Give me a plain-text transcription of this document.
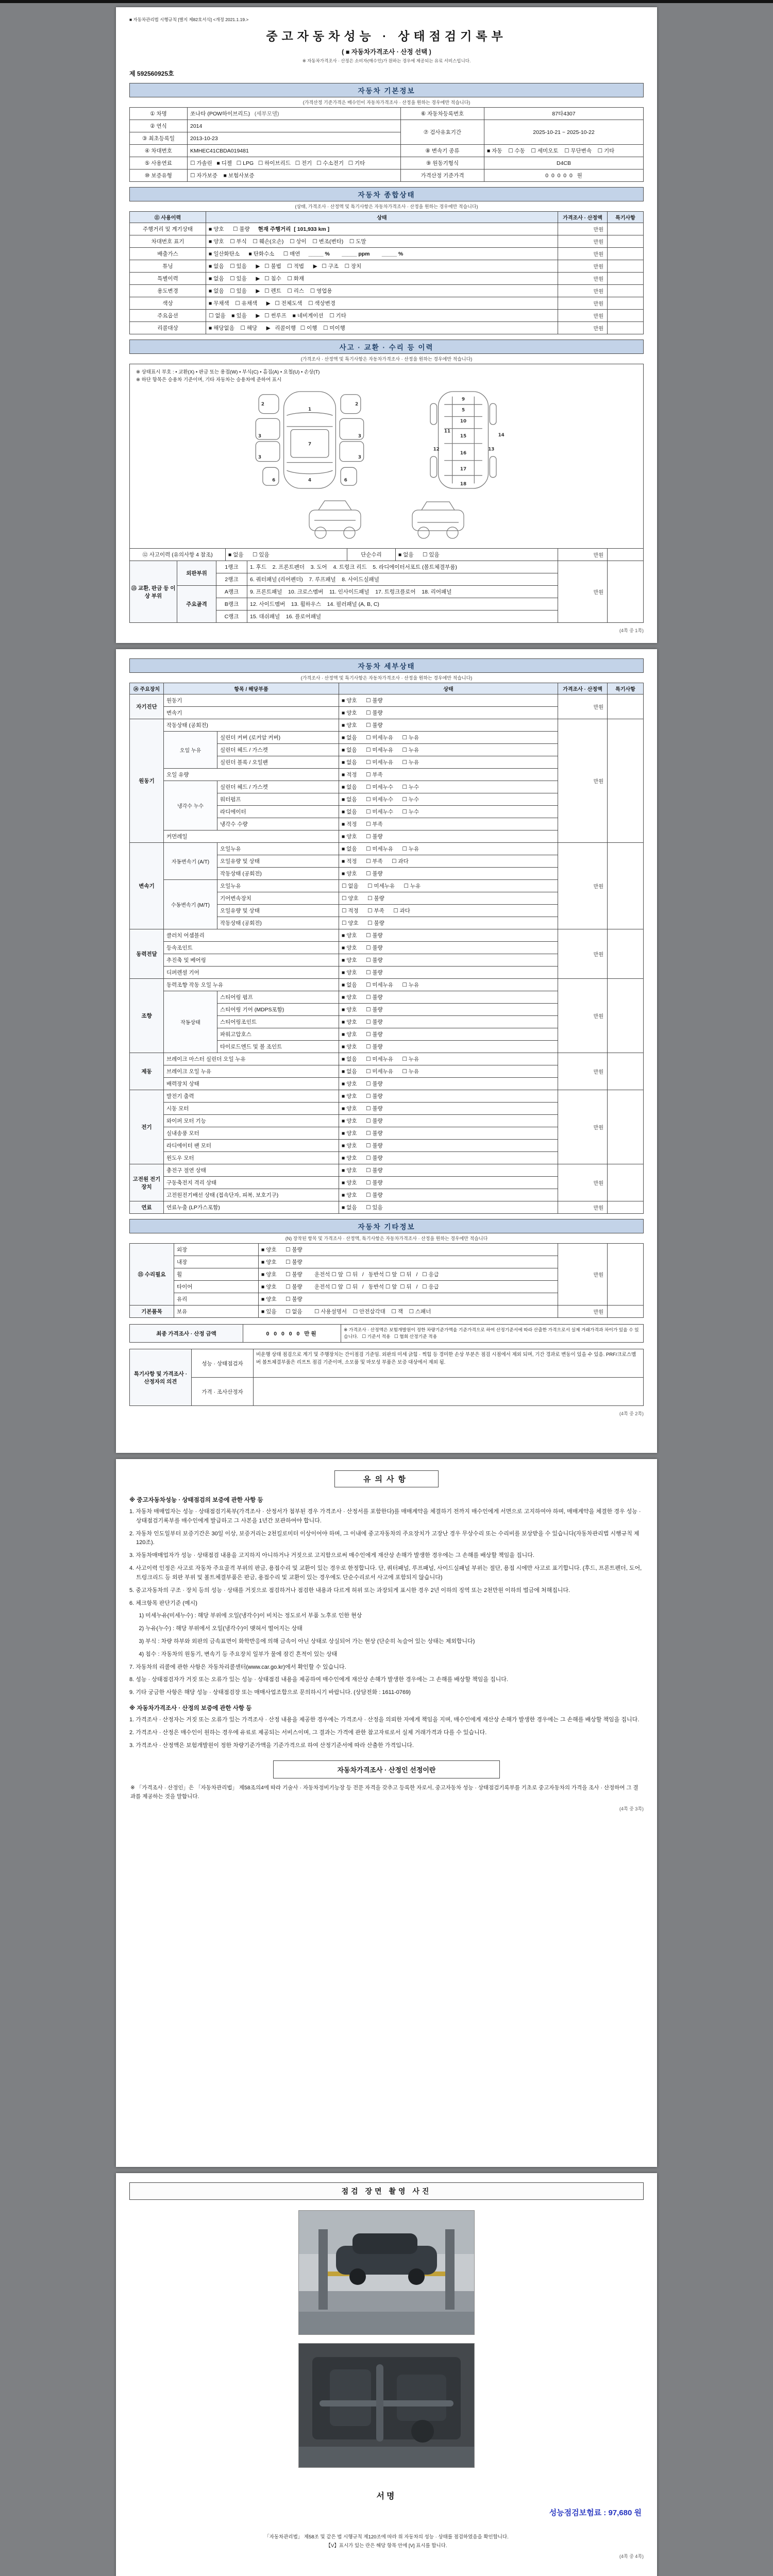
■ 자동차관리법 시행규칙 [별지 제82호서식] <개정 2021.1.19.>
중고자동차성능 · 상태점검기록부
( ■ 자동차가격조사 · 산정 선택 )
※ 자동차가격조사 · 산정은 소비자(매수인)가 원하는 경우에 제공되는 유료 서비스입니다.
제 592560925호
자동차 기본정보
(가격산정 기준가격은 매수인이 자동차가격조사 · 산정을 원하는 경우에만 적습니다)
① 차명	쏘나타 (POW하이브리드) (세부모델)	⑥ 자동차등록번호	87타4307
② 연식	2014	⑦ 검사유효기간	2025-10-21 ~ 2025-10-22
③ 최초등록일	2013-10-23		
④ 차대번호	KMHEC41CBDA019481	⑧ 변속기 종류	■ 자동    ☐ 수동    ☐ 세미오토    ☐ 무단변속    ☐ 기타
⑤ 사용연료	☐ 가솔린   ■ 디젤   ☐ LPG   ☐ 하이브리드   ☐ 전기   ☐ 수소전기   ☐ 기타	⑨ 원동기형식	D4CB
⑩ 보증유형	☐ 자가보증    ■ 보험사보증	가격산정 기준가격	0  0  0  0  0   원
자동차 종합상태
(상태, 가격조사 · 산정액 및 특기사항은 자동차가격조사 · 산정을 원하는 경우에만 적습니다)
⑪ 사용이력	상태	가격조사 · 산정액	특기사항
주행거리 및 계기상태	■ 양호      ☐ 불량 현재 주행거리  [ 101,933 km ]	만원	
차대번호 표기	■ 양호    ☐ 부식    ☐ 훼손(오손)    ☐ 상이    ☐ 변조(변타)    ☐ 도말	만원	
배출가스	■ 일산화탄소      ■ 탄화수소      ☐ 매연 _____ %        _____ ppm        _____ %	만원	
튜닝	■ 없음    ☐ 있음      ▶   ☐ 불법    ☐ 적법      ▶   ☐ 구조    ☐ 장치	만원	
특별이력	■ 없음    ☐ 있음      ▶   ☐ 침수    ☐ 화재	만원	
용도변경	■ 없음    ☐ 있음      ▶   ☐ 렌트    ☐ 리스    ☐ 영업용	만원	
색상	■ 무채색    ☐ 유채색      ▶   ☐ 전체도색    ☐ 색상변경	만원	
주요옵션	☐ 없음    ■ 있음      ▶   ☐ 썬루프    ■ 네비게이션    ☐ 기타	만원	
리콜대상	■ 해당없음    ☐ 해당      ▶   리콜이행   ☐ 이행    ☐ 미이행	만원	
사고 · 교환 · 수리 등 이력
(가격조사 · 산정액 및 특기사항은 자동차가격조사 · 산정을 원하는 경우에만 적습니다)
※ 상태표시 부호 : • 교환(X) • 판금 또는 용접(W) • 부식(C) • 흠집(A) • 요철(U) • 손상(T)
※ 하단 항목은 승용차 기준이며, 기타 자동차는 승용차에 준하여 표시
2
1
2
3
7
3
3	3
6	4	6
9
5
10
11
14
15
12	13
16
17
18
⑫ 사고이력 (유의사항 4 참조)	■ 없음      ☐ 있음	단순수리	■ 없음      ☐ 있음	만원	
⑬ 교환, 판금 등 이상 부위	외판부위	1랭크	1. 후드    2. 프론트펜더    3. 도어    4. 트렁크 리드    5. 라디에이터서포트 (볼트체결부품)	만원	
		2랭크	6. 쿼터패널 (리어펜더)    7. 루프패널    8. 사이드실패널		
	주요골격	A랭크	9. 프론트패널    10. 크로스멤버    11. 인사이드패널    17. 트렁크플로어    18. 리어패널		
		B랭크	12. 사이드멤버    13. 휠하우스    14. 필러패널 (A, B, C)		
		C랭크	15. 대쉬패널    16. 플로어패널		
(4쪽 중 1쪽)
자동차 세부상태
(가격조사 · 산정액 및 특기사항은 자동차가격조사 · 산정을 원하는 경우에만 적습니다)
⑭ 주요장치	항목 / 해당부품		상태	가격조사 · 산정액	특기사항
자기진단	원동기		■ 양호      ☐ 불량	만원	
	변속기		■ 양호      ☐ 불량		
원동기	작동상태 (공회전)		■ 양호      ☐ 불량	만원	
	오일 누유	실린더 커버 (로커암 커버)	■ 없음      ☐ 미세누유      ☐ 누유		
		실린더 헤드 / 가스켓	■ 없음      ☐ 미세누유      ☐ 누유		
		실린더 블록 / 오일팬	■ 없음      ☐ 미세누유      ☐ 누유		
	오일 유량		■ 적정      ☐ 부족		
	냉각수 누수	실린더 헤드 / 가스켓	■ 없음      ☐ 미세누수      ☐ 누수		
		워터펌프	■ 없음      ☐ 미세누수      ☐ 누수		
		라디에이터	■ 없음      ☐ 미세누수      ☐ 누수		
		냉각수 수량	■ 적정      ☐ 부족		
	커먼레일		■ 양호      ☐ 불량		
변속기	자동변속기 (A/T)	오일누유	■ 없음      ☐ 미세누유      ☐ 누유	만원	
		오일유량 및 상태	■ 적정      ☐ 부족      ☐ 과다		
		작동상태 (공회전)	■ 양호      ☐ 불량		
	수동변속기 (M/T)	오일누유	☐ 없음      ☐ 미세누유      ☐ 누유		
		기어변속장치	☐ 양호      ☐ 불량		
		오일유량 및 상태	☐ 적정      ☐ 부족      ☐ 과다		
		작동상태 (공회전)	☐ 양호      ☐ 불량		
동력전달	클러치 어셈블리		■ 양호      ☐ 불량	만원	
	등속조인트		■ 양호      ☐ 불량		
	추진축 및 베어링		■ 양호      ☐ 불량		
	디퍼렌셜 기어		■ 양호      ☐ 불량		
조향	동력조향 작동 오일 누유		■ 없음      ☐ 미세누유      ☐ 누유	만원	
	작동상태	스티어링 펌프	■ 양호      ☐ 불량		
		스티어링 기어 (MDPS포함)	■ 양호      ☐ 불량		
		스티어링조인트	■ 양호      ☐ 불량		
		파워고압호스	■ 양호      ☐ 불량		
		타이로드엔드 및 볼 조인트	■ 양호      ☐ 불량		
제동	브레이크 마스터 실린더 오일 누유		■ 없음      ☐ 미세누유      ☐ 누유	만원	
	브레이크 오일 누유		■ 없음      ☐ 미세누유      ☐ 누유		
	배력장치 상태		■ 양호      ☐ 불량		
전기	발전기 출력		■ 양호      ☐ 불량	만원	
	시동 모터		■ 양호      ☐ 불량		
	와이퍼 모터 기능		■ 양호      ☐ 불량		
	실내송풍 모터		■ 양호      ☐ 불량		
	라디에이터 팬 모터		■ 양호      ☐ 불량		
	윈도우 모터		■ 양호      ☐ 불량		
고전원 전기장치	충전구 절연 상태		■ 양호      ☐ 불량	만원	
	구동축전지 격리 상태		■ 양호      ☐ 불량		
	고전원전기배선 상태 (접속단자, 피복, 보호기구)		■ 양호      ☐ 불량		
연료	연료누출 (LP가스포함)		■ 없음      ☐ 있음	만원	
자동차 기타정보
(N) 장착된 항목 및 가격조사 · 산정액, 특기사항은 자동차가격조사 · 산정을 원하는 경우에만 적습니다
⑮ 수리필요	외장	■ 양호      ☐ 불량	만원	
	내장	■ 양호      ☐ 불량		
	휠	■ 양호      ☐ 불량        운전석 ☐ 앞  ☐ 뒤   /   동반석 ☐ 앞  ☐ 뒤   /   ☐ 응급		
	타이어	■ 양호      ☐ 불량        운전석 ☐ 앞  ☐ 뒤   /   동반석 ☐ 앞  ☐ 뒤   /   ☐ 응급		
	유리	■ 양호      ☐ 불량		
기본품목	보유	■ 있음      ☐ 없음        ☐ 사용설명서    ☐ 안전삼각대    ☐ 잭    ☐ 스패너	만원	
최종 가격조사 · 산정 금액	0 0 0 0 0 만원	※ 가격조사 · 산정액은 보험개발원이 정한 차량기준가액을 기준가격으로 하여 산정기준서에 따라 산출한 가격으로서 실제 거래가격과 차이가 있을 수 있습니다.   ☐ 기준서 적용   ☐ 협회 산정기준 적용
특기사항 및 가격조사 · 산정자의 의견	성능 · 상태점검자	비운행 상태 점검으로 계기 및 주행장치는 간이점검 기준임. 외판의 미세 긁힘 · 찍힘 등 경미한 손상 부분은 점검 시점에서 제외 되며, 기간 경과로 변동이 있을 수 있음. PRF/크로스멤버 볼트체결부품은 리프트 점검 기준이며, 소모품 및 마모성 부품은 보증 대상에서 제외 됨.
	가격 · 조사산정자	
(4쪽 중 2쪽)
유의사항
※ 중고자동차성능 · 상태점검의 보증에 관한 사항 등

1. 자동차 매매업자는 성능 · 상태점검기록부(가격조사 · 산정서가 첨부된 경우 가격조사 · 산정서를 포함한다)를 매매계약을 체결하기 전까지 매수인에게 서면으로 고지하여야 하며, 매매계약을 체결한 경우 성능 · 상태점검기록부를 매수인에게 발급하고 그 사본을 1년간 보관하여야 합니다.

2. 자동차 인도일부터 보증기간은 30일 이상, 보증거리는 2천킬로미터 이상이어야 하며, 그 이내에 중고자동차의 주요장치가 고장난 경우 무상수리 또는 수리비를 보상받을 수 있습니다(자동차관리법 시행규칙 제120조).

3. 자동차매매업자가 성능 · 상태점검 내용을 고지하지 아니하거나 거짓으로 고지함으로써 매수인에게 재산상 손해가 발생한 경우에는 그 손해를 배상할 책임을 집니다.

4. 사고이력 인정은 사고로 자동차 주요골격 부위의 판금, 용접수리 및 교환이 있는 경우로 한정합니다. 단, 쿼터패널, 루프패널, 사이드실패널 부위는 절단, 용접 시에만 사고로 표기합니다. (후드, 프론트펜더, 도어, 트렁크리드 등 외판 부위 및 볼트체결부품은 판금, 용접수리 및 교환이 있는 경우에도 단순수리로서 사고에 포함되지 않습니다)

5. 중고자동차의 구조 · 장치 등의 성능 · 상태를 거짓으로 점검하거나 점검한 내용과 다르게 허위 또는 과장되게 표시한 경우 2년 이하의 징역 또는 2천만원 이하의 벌금에 처해집니다.

6. 체크항목 판단기준 (예시)

1) 미세누유(미세누수) : 해당 부위에 오일(냉각수)이 비치는 정도로서 부품 노후로 인한 현상

2) 누유(누수) : 해당 부위에서 오일(냉각수)이 맺혀서 떨어지는 상태

3) 부식 : 차량 하부와 외판의 금속표면이 화학반응에 의해 금속이 아닌 상태로 상실되어 가는 현상 (단순히 녹슬어 있는 상태는 제외합니다)

4) 침수 : 자동차의 원동기, 변속기 등 주요장치 일부가 물에 잠긴 흔적이 있는 상태

7. 자동차의 리콜에 관한 사항은 자동차리콜센터(www.car.go.kr)에서 확인할 수 있습니다.

8. 성능 · 상태점검자가 거짓 또는 오류가 있는 성능 · 상태점검 내용을 제공하여 매수인에게 재산상 손해가 발생한 경우에는 그 손해를 배상할 책임을 집니다.

9. 기타 궁금한 사항은 해당 성능 · 상태점검장 또는 매매사업조합으로 문의하시기 바랍니다. (상담전화 : 1611-0769)

※ 자동차가격조사 · 산정의 보증에 관한 사항 등

1. 가격조사 · 산정자는 거짓 또는 오류가 있는 가격조사 · 산정 내용을 제공한 경우에는 가격조사 · 산정을 의뢰한 자에게 책임을 지며, 매수인에게 재산상 손해가 발생한 경우에는 그 손해를 배상할 책임을 집니다.

2. 가격조사 · 산정은 매수인이 원하는 경우에 유료로 제공되는 서비스이며, 그 결과는 가격에 관한 참고자료로서 실제 거래가격과 다를 수 있습니다.

3. 가격조사 · 산정액은 보험개발원이 정한 차량기준가액을 기준가격으로 하여 산정기준서에 따라 산출한 가격입니다.

자동차가격조사 · 산정인 선정이란

※ 「가격조사 · 산정인」은 「자동차관리법」 제58조의4에 따라 기술사 · 자동차정비기능장 등 전문 자격을 갖추고 등록한 자로서, 중고자동차 성능 · 상태점검기록부를 기초로 중고자동차의 가격을 조사 · 산정하여 그 결과를 제공하는 것을 말합니다.

(4쪽 중 3쪽)
점검 장면 촬영 사진
서명
성능점검보험료 : 97,680 원

「자동차관리법」 제58조 및 같은 법 시행규칙 제120조에 따라 위 자동차의 성능 · 상태를 점검하였음을 확인합니다.

【V】표시가 있는 란은 해당 항목 안에 [V] 표시를 합니다.

(4쪽 중 4쪽)
